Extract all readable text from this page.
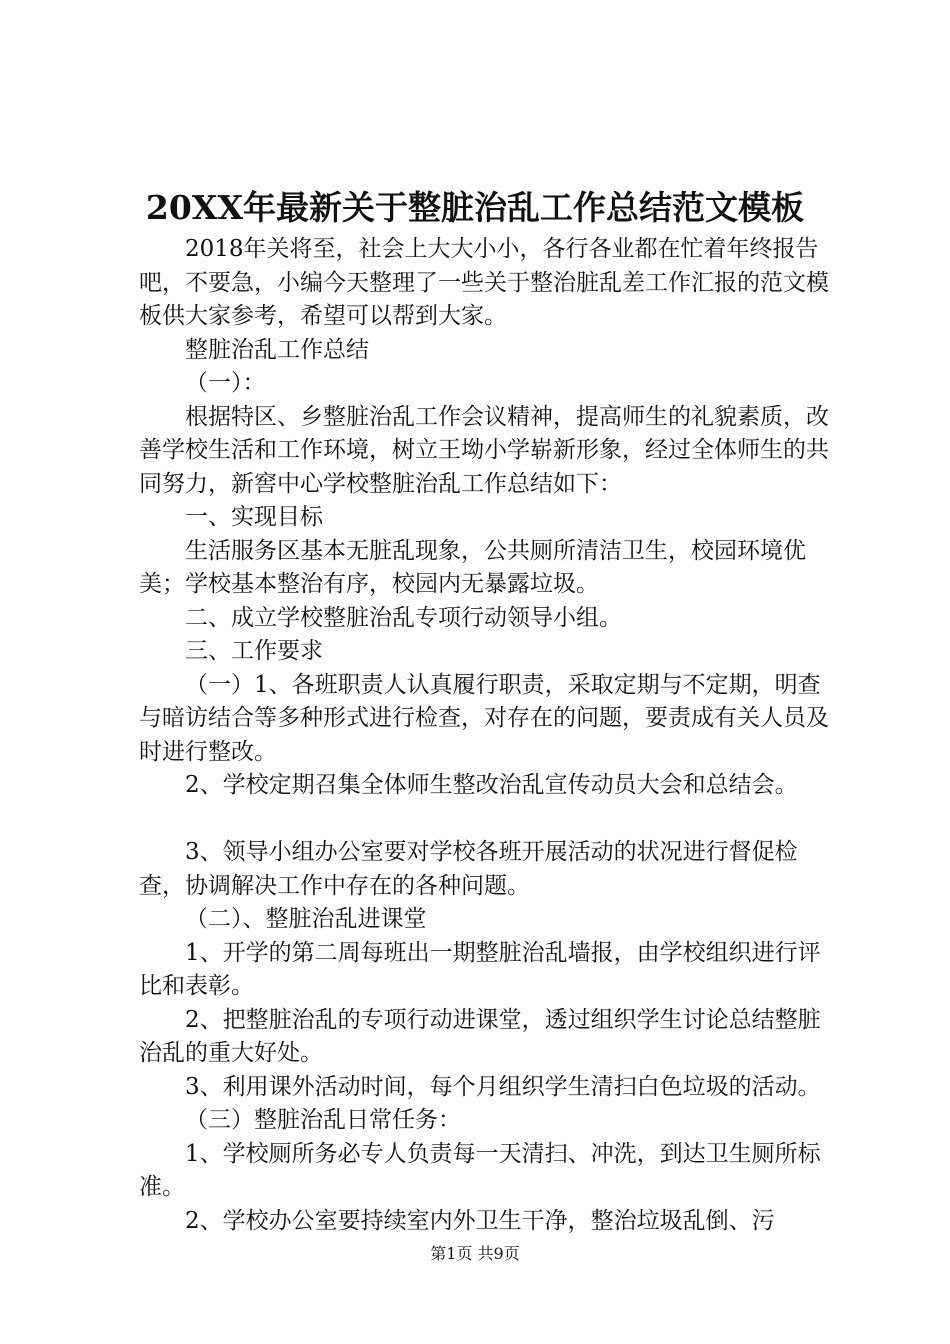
20XX年最新关于整脏治乱工作总结范文模板

2018年关将至，社会上大大小小，各行各业都在忙着年终报告吧，不要急，小编今天整理了一些关于整治脏乱差工作汇报的范文模板供大家参考，希望可以帮到大家。

整脏治乱工作总结

（一）：

根据特区、乡整脏治乱工作会议精神，提高师生的礼貌素质，改善学校生活和工作环境，树立王坳小学崭新形象，经过全体师生的共同努力，新窖中心学校整脏治乱工作总结如下：

一、实现目标

生活服务区基本无脏乱现象，公共厕所清洁卫生，校园环境优美；学校基本整治有序，校园内无暴露垃圾。

二、成立学校整脏治乱专项行动领导小组。

三、工作要求

（一）1、各班职责人认真履行职责，采取定期与不定期，明查与暗访结合等多种形式进行检查，对存在的问题，要责成有关人员及时进行整改。

2、学校定期召集全体师生整改治乱宣传动员大会和总结会。

3、领导小组办公室要对学校各班开展活动的状况进行督促检查，协调解决工作中存在的各种问题。

（二）、整脏治乱进课堂

1、开学的第二周每班出一期整脏治乱墙报，由学校组织进行评比和表彰。

2、把整脏治乱的专项行动进课堂，透过组织学生讨论总结整脏治乱的重大好处。

3、利用课外活动时间，每个月组织学生清扫白色垃圾的活动。

（三）整脏治乱日常任务：

1、学校厕所务必专人负责每一天清扫、冲洗，到达卫生厕所标准。

2、学校办公室要持续室内外卫生干净，整治垃圾乱倒、污

第1页 共9页
